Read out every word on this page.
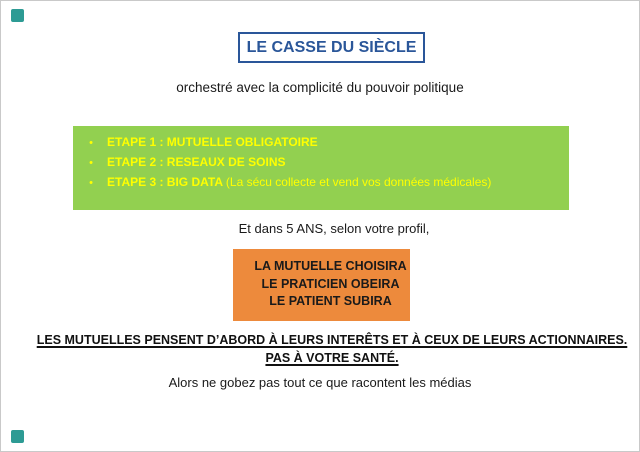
LE CASSE DU SIÈCLE
orchestré avec la complicité du pouvoir politique
• ETAPE 1 : MUTUELLE OBLIGATOIRE
• ETAPE 2 : RESEAUX DE SOINS
• ETAPE 3 : BIG DATA (La sécu collecte et vend vos données médicales)
Et dans 5 ANS, selon votre profil,
LA MUTUELLE CHOISIRA
LE PRATICIEN OBEIRA
LE PATIENT SUBIRA
LES MUTUELLES PENSENT D’ABORD À LEURS INTERÊTS ET À CEUX DE LEURS ACTIONNAIRES.
PAS À VOTRE SANTÉ.
Alors ne gobez pas tout ce que racontent les médias
